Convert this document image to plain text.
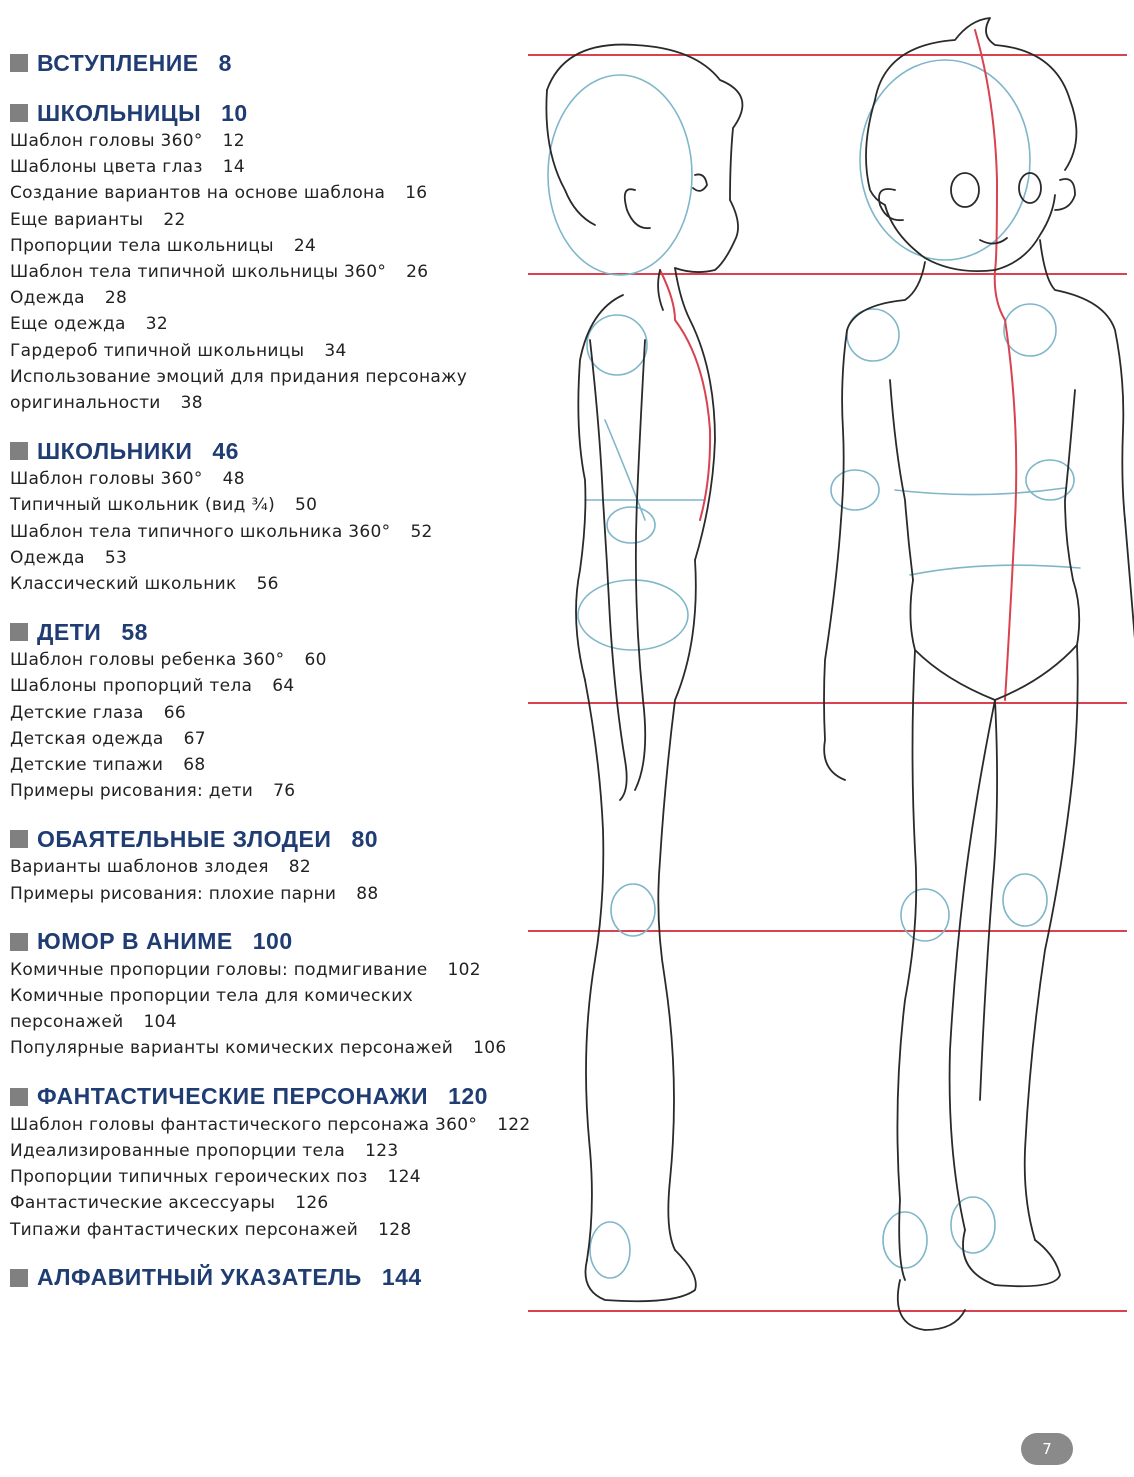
ВСТУПЛЕНИЕ 8
ШКОЛЬНИЦЫ 10
Шаблон головы 360° 12
Шаблоны цвета глаз 14
Создание вариантов на основе шаблона 16
Еще варианты 22
Пропорции тела школьницы 24
Шаблон тела типичной школьницы 360° 26
Одежда 28
Еще одежда 32
Гардероб типичной школьницы 34
Использование эмоций для придания персонажу
оригинальности 38
ШКОЛЬНИКИ 46
Шаблон головы 360° 48
Типичный школьник (вид ¾) 50
Шаблон тела типичного школьника 360° 52
Одежда 53
Классический школьник 56
ДЕТИ 58
Шаблон головы ребенка 360° 60
Шаблоны пропорций тела 64
Детские глаза 66
Детская одежда 67
Детские типажи 68
Примеры рисования: дети 76
ОБАЯТЕЛЬНЫЕ ЗЛОДЕИ 80
Варианты шаблонов злодея 82
Примеры рисования: плохие парни 88
ЮМОР В АНИМЕ 100
Комичные пропорции головы: подмигивание 102
Комичные пропорции тела для комических
персонажей 104
Популярные варианты комических персонажей 106
ФАНТАСТИЧЕСКИЕ ПЕРСОНАЖИ 120
Шаблон головы фантастического персонажа 360° 122
Идеализированные пропорции тела 123
Пропорции типичных героических поз 124
Фантастические аксессуары 126
Типажи фантастических персонажей 128
АЛФАВИТНЫЙ УКАЗАТЕЛЬ 144
7
